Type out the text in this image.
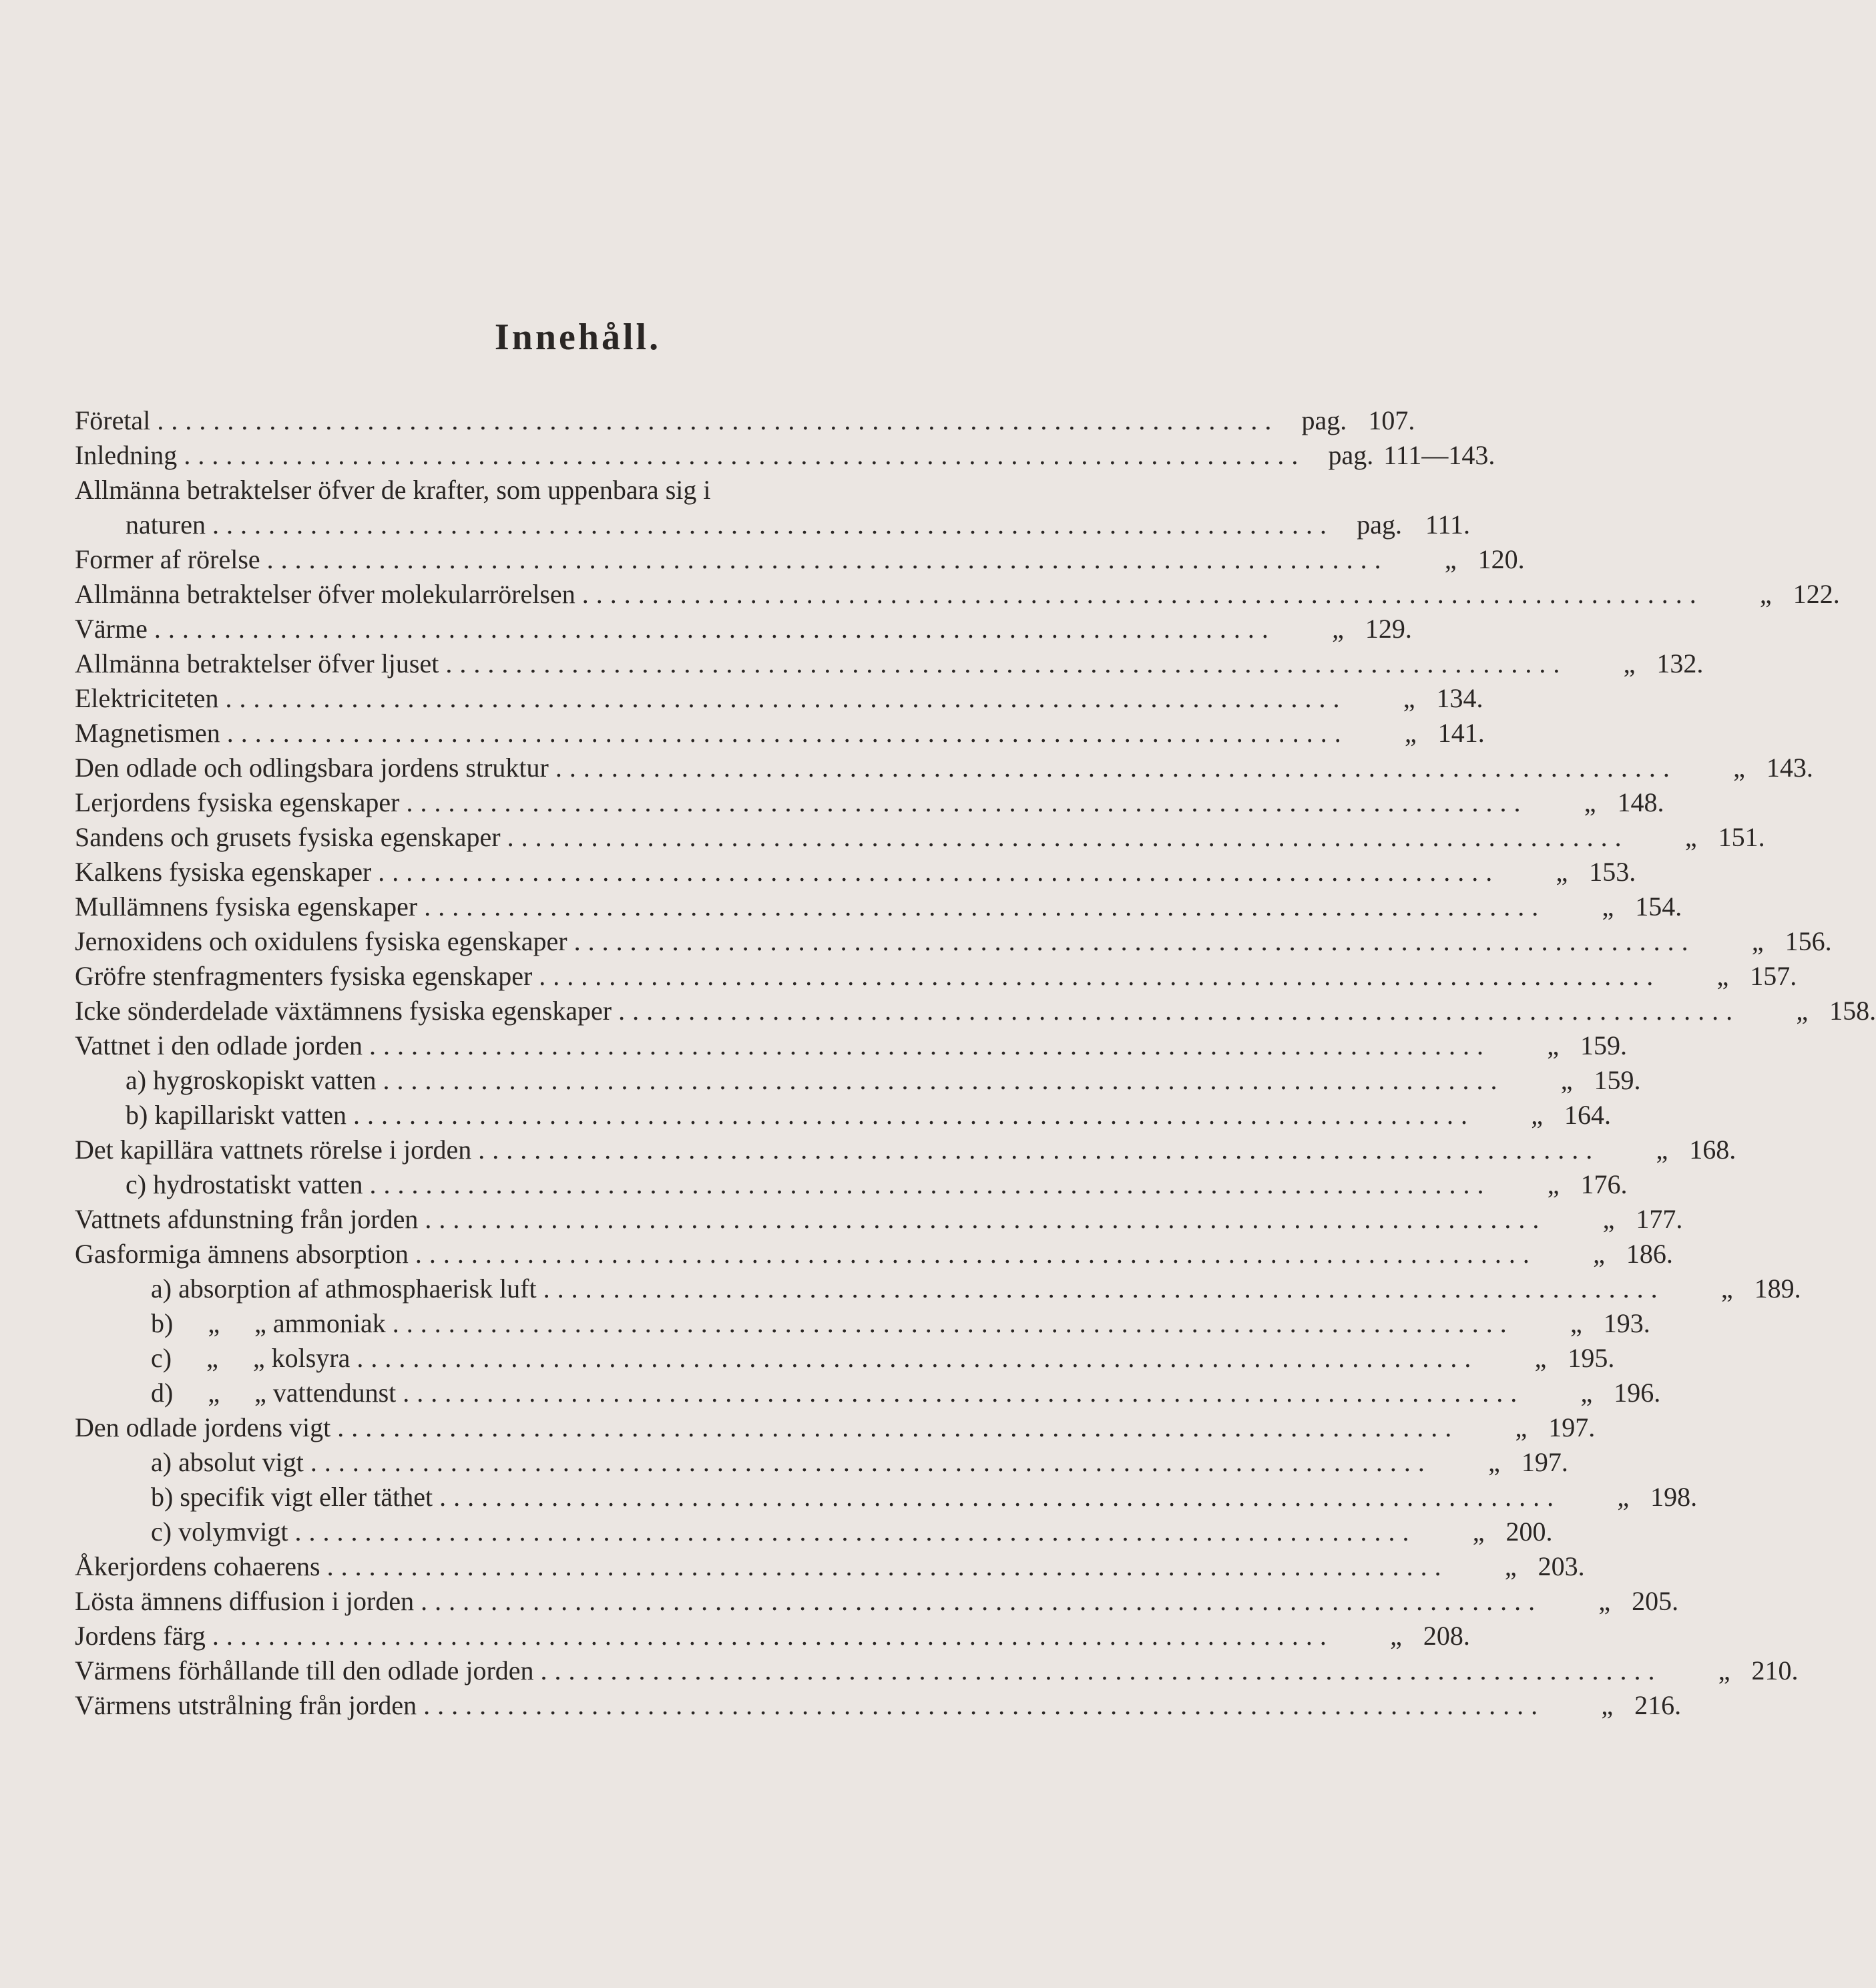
Innehåll.
Företal ................................................................................ pag. 107.
Inledning ................................................................................ pag. 111—143.
Allmänna betraktelser öfver de krafter, som uppenbara sig i
naturen ................................................................................ pag. 111.
Former af rörelse ................................................................................	„ 120.
Allmänna betraktelser öfver molekularrörelsen ................................................................................	„ 122.
Värme ................................................................................	„ 129.
Allmänna betraktelser öfver ljuset ................................................................................	„ 132.
Elektriciteten ................................................................................	„ 134.
Magnetismen ................................................................................	„ 141.
Den odlade och odlingsbara jordens struktur ................................................................................	„ 143.
Lerjordens fysiska egenskaper ................................................................................	„ 148.
Sandens och grusets fysiska egenskaper ................................................................................	„ 151.
Kalkens fysiska egenskaper ................................................................................	„ 153.
Mullämnens fysiska egenskaper ................................................................................	„ 154.
Jernoxidens och oxidulens fysiska egenskaper ................................................................................	„ 156.
Gröfre stenfragmenters fysiska egenskaper ................................................................................	„ 157.
Icke sönderdelade växtämnens fysiska egenskaper ................................................................................	„ 158.
Vattnet i den odlade jorden ................................................................................	„ 159.
a) hygroskopiskt vatten ................................................................................	„ 159.
b) kapillariskt vatten ................................................................................	„ 164.
Det kapillära vattnets rörelse i jorden ................................................................................	„ 168.
c) hydrostatiskt vatten ................................................................................	„ 176.
Vattnets afdunstning från jorden ................................................................................	„ 177.
Gasformiga ämnens absorption ................................................................................	„ 186.
a) absorption af athmosphaerisk luft ................................................................................	„ 189.
b) „ „ ammoniak ................................................................................	„ 193.
c) „ „ kolsyra ................................................................................	„ 195.
d) „ „ vattendunst ................................................................................	„ 196.
Den odlade jordens vigt ................................................................................	„ 197.
a) absolut vigt ................................................................................	„ 197.
b) specifik vigt eller täthet ................................................................................	„ 198.
c) volymvigt ................................................................................	„ 200.
Åkerjordens cohaerens ................................................................................	„ 203.
Lösta ämnens diffusion i jorden ................................................................................	„ 205.
Jordens färg ................................................................................	„ 208.
Värmens förhållande till den odlade jorden ................................................................................	„ 210.
Värmens utstrålning från jorden ................................................................................	„ 216.
